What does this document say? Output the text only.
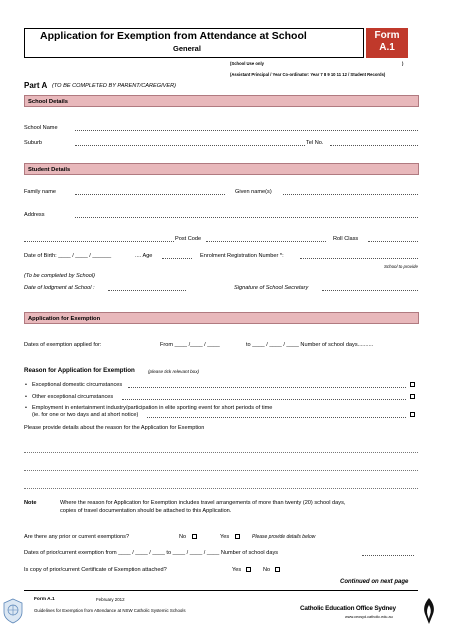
Application for Exemption from Attendance at School
General
Form
A.1
(School Use only	)
(Assistant Principal / Year Co-ordinator: Year 7 8 9 10 11 12 / Student Records)
Part A (TO BE COMPLETED BY PARENT/CAREGIVER)
School Details
School Name
Suburb	Tel No.
Student Details
Family name	Given name(s)
Address
Post Code	Roll Class
Date of Birth: ____ / ____ / ______	.... Age	Enrolment Registration Number *:
School to provide
(To be completed by School)
Date of lodgment at School :	Signature of School Secretary
Application for Exemption
Dates of exemption applied for:	From ____ /____ / ____	to ____ / ____ / ____ Number of school days..........
Reason for Application for Exemption	(please tick relevant box)
• Exceptional domestic circumstances
• Other exceptional circumstances
• Employment in entertainment industry/participation in elite sporting event for short periods of time
(ie. for one or two days and at short notice)
Please provide details about the reason for the Application for Exemption
Note	Where the reason for Application for Exemption includes travel arrangements of more than twenty (20) school days,
copies of travel documentation should be attached to this Application.
Are there any prior or current exemptions?	No	Yes	Please provide details below
Dates of prior/current exemption from ____ / ____ / ____ to ____ / ____ / ____ Number of school days
Is copy of prior/current Certificate of Exemption attached?	Yes	No
Continued on next page
Form A.1	February 2012
Guidelines for Exemption from Attendance at NSW Catholic Systemic Schools	Catholic Education Office Sydney
www.ceosyd.catholic.edu.au
